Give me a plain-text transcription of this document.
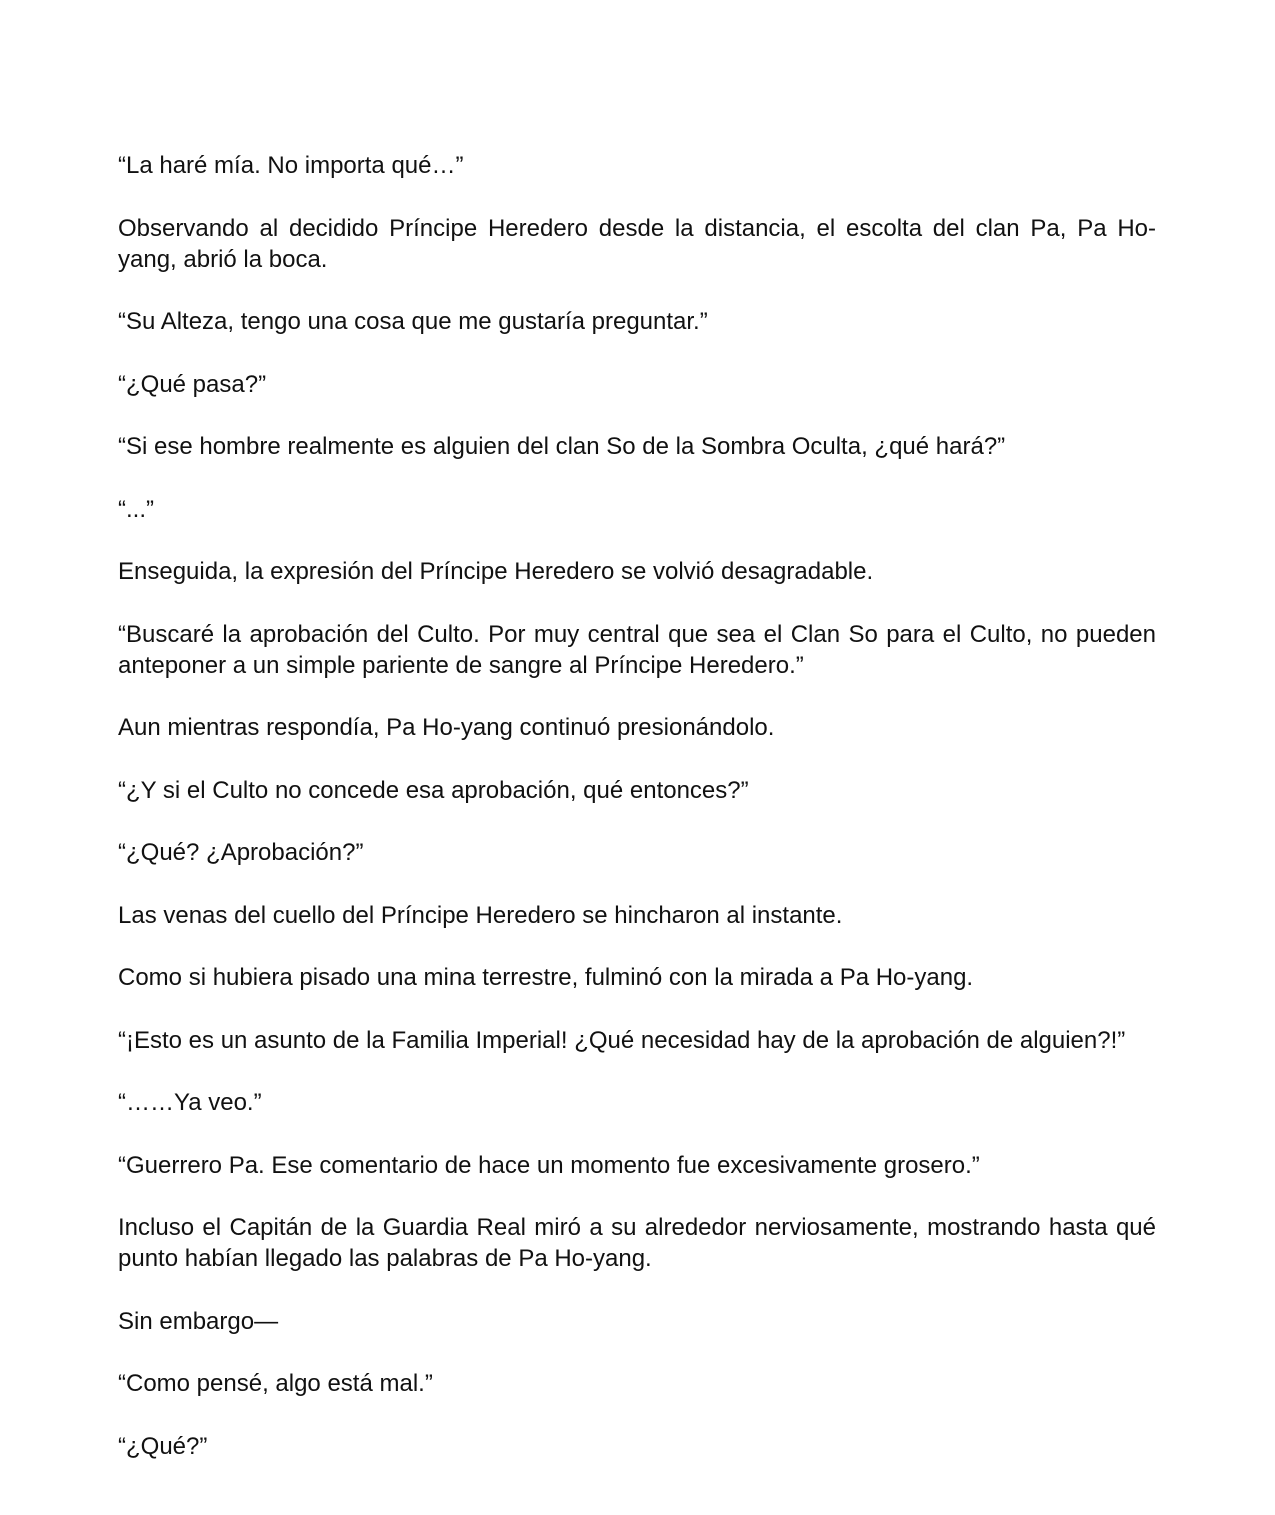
“La haré mía. No importa qué…”

Observando al decidido Príncipe Heredero desde la distancia, el escolta del clan Pa, Pa Ho-yang, abrió la boca.

“Su Alteza, tengo una cosa que me gustaría preguntar.”

“¿Qué pasa?”

“Si ese hombre realmente es alguien del clan So de la Sombra Oculta, ¿qué hará?”

“...”

Enseguida, la expresión del Príncipe Heredero se volvió desagradable.

“Buscaré la aprobación del Culto. Por muy central que sea el Clan So para el Culto, no pueden anteponer a un simple pariente de sangre al Príncipe Heredero.”

Aun mientras respondía, Pa Ho-yang continuó presionándolo.

“¿Y si el Culto no concede esa aprobación, qué entonces?”

“¿Qué? ¿Aprobación?”

Las venas del cuello del Príncipe Heredero se hincharon al instante.

Como si hubiera pisado una mina terrestre, fulminó con la mirada a Pa Ho-yang.

“¡Esto es un asunto de la Familia Imperial! ¿Qué necesidad hay de la aprobación de alguien?!”

“……Ya veo.”

“Guerrero Pa. Ese comentario de hace un momento fue excesivamente grosero.”

Incluso el Capitán de la Guardia Real miró a su alrededor nerviosamente, mostrando hasta qué punto habían llegado las palabras de Pa Ho-yang.

Sin embargo—

“Como pensé, algo está mal.”

“¿Qué?”
